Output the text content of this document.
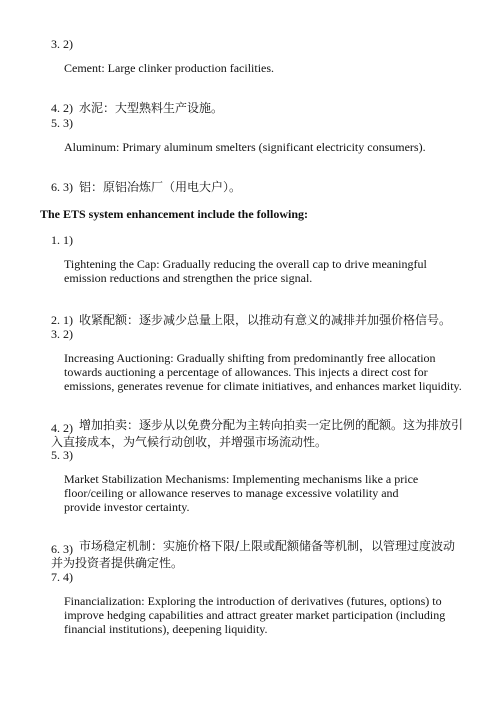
3. 2)
Cement: Large clinker production facilities.
4. 2) 水泥：大型熟料生产设施。
5. 3)
Aluminum: Primary aluminum smelters (significant electricity consumers).
6. 3) 铝：原铝冶炼厂（用电大户）。
The ETS system enhancement include the following:
1. 1)
Tightening the Cap: Gradually reducing the overall cap to drive meaningful emission reductions and strengthen the price signal.
2. 1) 收紧配额：逐步减少总量上限，以推动有意义的减排并加强价格信号。
3. 2)
Increasing Auctioning: Gradually shifting from predominantly free allocation towards auctioning a percentage of allowances. This injects a direct cost for emissions, generates revenue for climate initiatives, and enhances market liquidity.
4. 2) 增加拍卖：逐步从以免费分配为主转向拍卖一定比例的配额。这为排放引入直接成本，为气候行动创收，并增强市场流动性。
5. 3)
Market Stabilization Mechanisms: Implementing mechanisms like a price floor/ceiling or allowance reserves to manage excessive volatility and provide investor certainty.
6. 3) 市场稳定机制：实施价格下限/上限或配额储备等机制，以管理过度波动并为投资者提供确定性。
7. 4)
Financialization: Exploring the introduction of derivatives (futures, options) to improve hedging capabilities and attract greater market participation (including financial institutions), deepening liquidity.
